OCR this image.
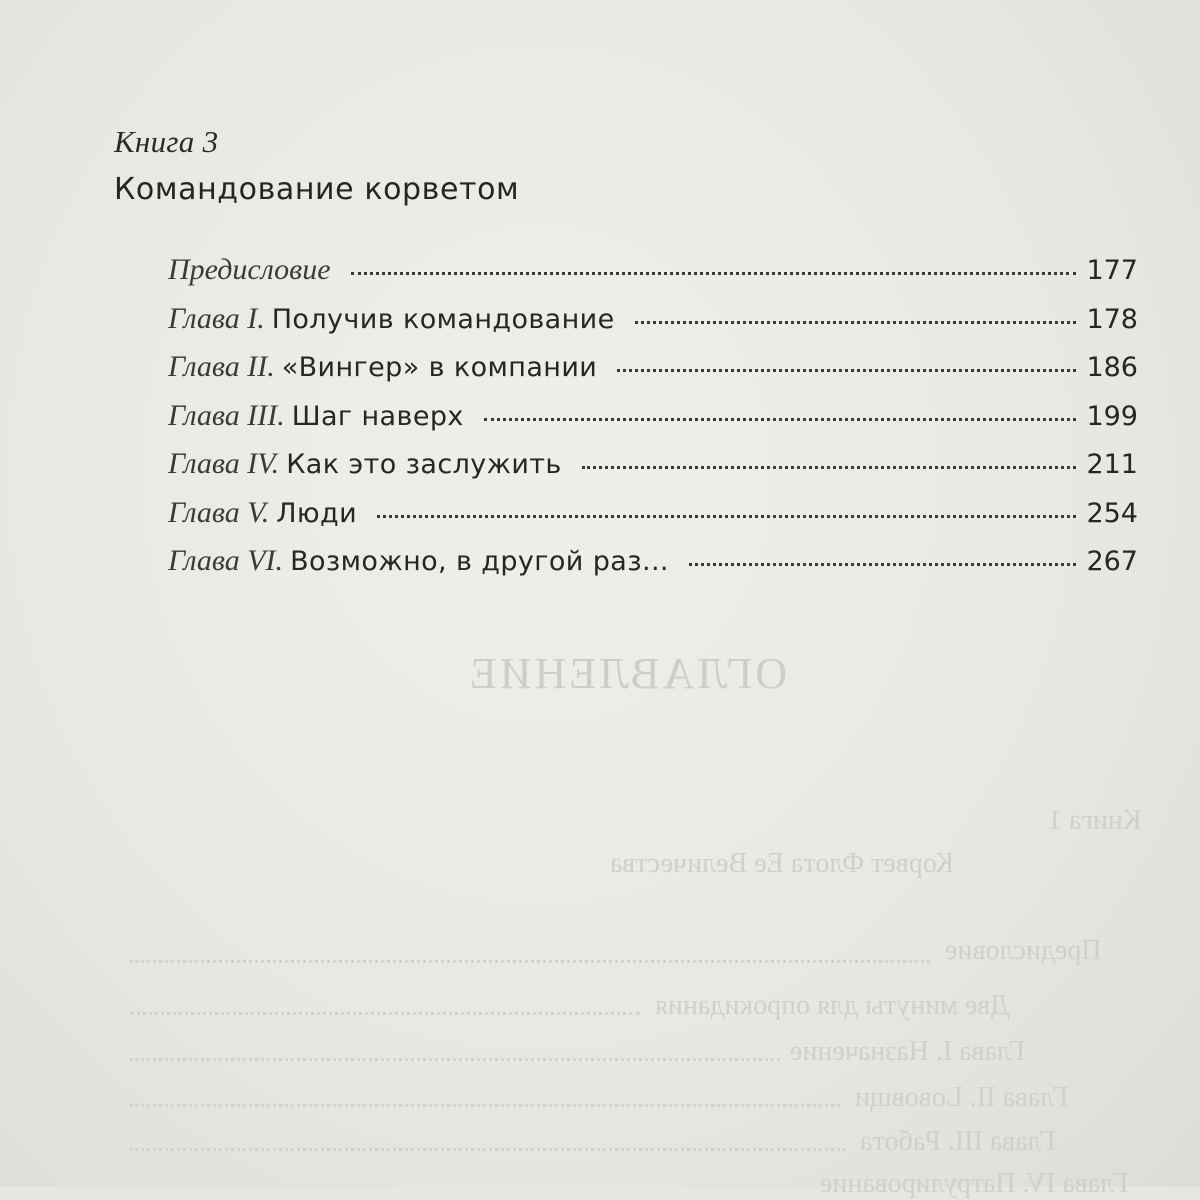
ОГЛАВЛЕНИЕ
Книга 1
Корвет Флота Ее Величества
Предисловие
Две минуты для опрокидания
Глава I. Назначение
Глава II. Loвовщи
Глава III. Работа
Глава IV. Патрулирование
Книга 3
Командование корветом
Предисловие	177
Глава I. Получив командование	178
Глава II. «Вингер» в компании	186
Глава III. Шаг наверх	199
Глава IV. Как это заслужить	211
Глава V. Люди	254
Глава VI. Возможно, в другой раз...	267
